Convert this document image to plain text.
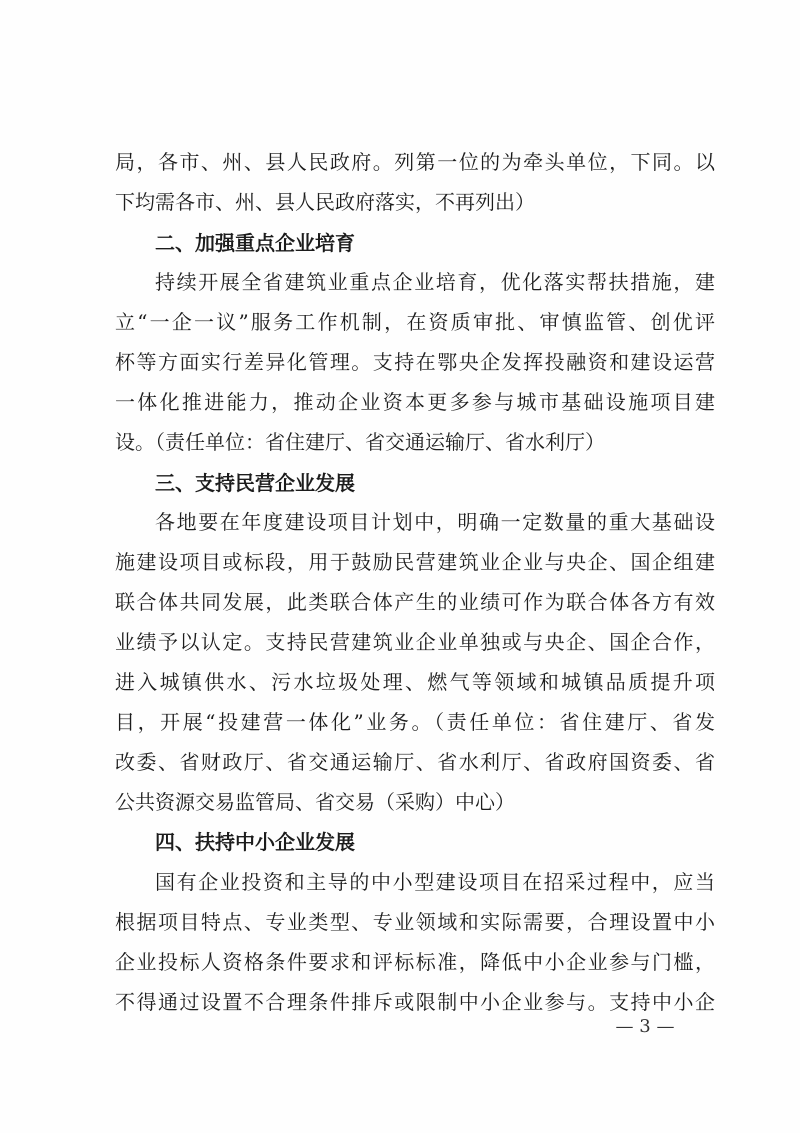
局，各市、州、县人民政府。列第一位的为牵头单位，下同。以
下均需各市、州、县人民政府落实，不再列出）
二、加强重点企业培育
持续开展全省建筑业重点企业培育，优化落实帮扶措施，建
立“一企一议”服务工作机制，在资质审批、审慎监管、创优评
杯等方面实行差异化管理。支持在鄂央企发挥投融资和建设运营
一体化推进能力，推动企业资本更多参与城市基础设施项目建
设。（责任单位：省住建厅、省交通运输厅、省水利厅）
三、支持民营企业发展
各地要在年度建设项目计划中，明确一定数量的重大基础设
施建设项目或标段，用于鼓励民营建筑业企业与央企、国企组建
联合体共同发展，此类联合体产生的业绩可作为联合体各方有效
业绩予以认定。支持民营建筑业企业单独或与央企、国企合作，
进入城镇供水、污水垃圾处理、燃气等领域和城镇品质提升项
目，开展“投建营一体化”业务。（责任单位：省住建厅、省发
改委、省财政厅、省交通运输厅、省水利厅、省政府国资委、省
公共资源交易监管局、省交易（采购）中心）
四、扶持中小企业发展
国有企业投资和主导的中小型建设项目在招采过程中，应当
根据项目特点、专业类型、专业领域和实际需要，合理设置中小
企业投标人资格条件要求和评标标准，降低中小企业参与门槛，
不得通过设置不合理条件排斥或限制中小企业参与。支持中小企
— 3 —
